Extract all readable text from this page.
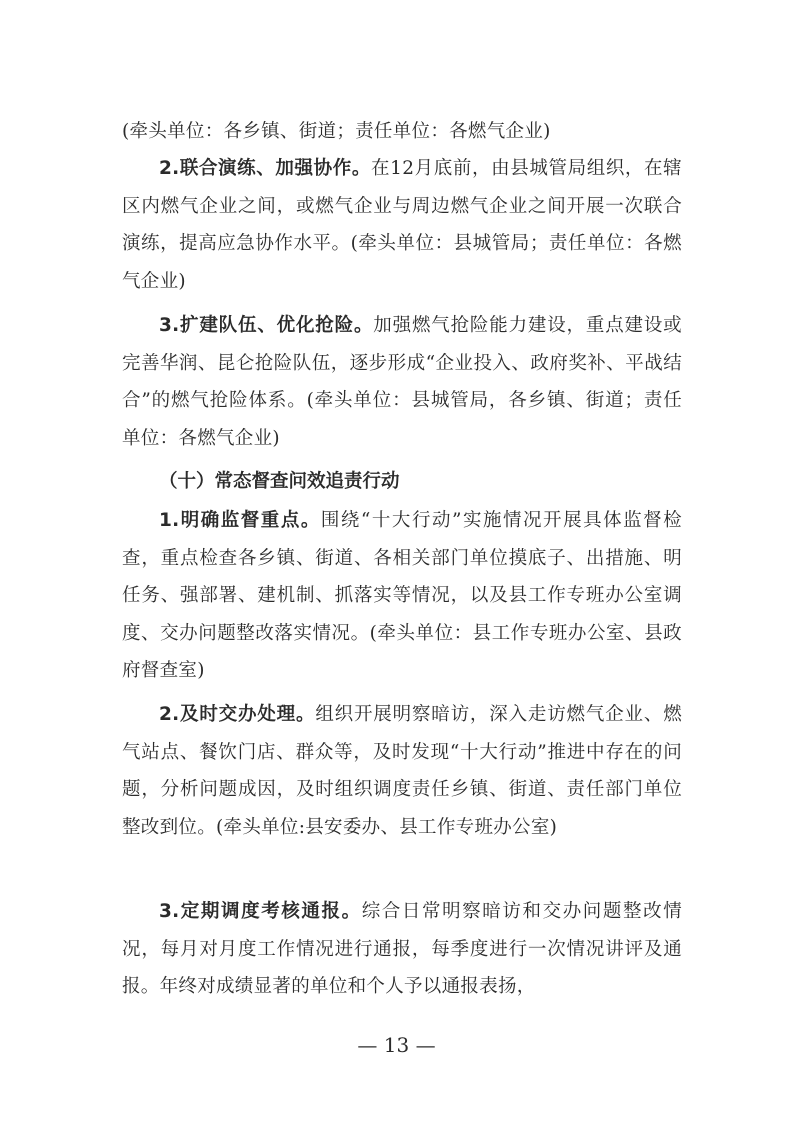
(牵头单位：各乡镇、街道；责任单位：各燃气企业)

2.联合演练、加强协作。在12月底前，由县城管局组织，在辖区内燃气企业之间，或燃气企业与周边燃气企业之间开展一次联合演练，提高应急协作水平。(牵头单位：县城管局；责任单位：各燃气企业)

3.扩建队伍、优化抢险。加强燃气抢险能力建设，重点建设或完善华润、昆仑抢险队伍，逐步形成“企业投入、政府奖补、平战结合”的燃气抢险体系。(牵头单位：县城管局，各乡镇、街道；责任单位：各燃气企业)

（十）常态督查问效追责行动

1.明确监督重点。围绕“十大行动”实施情况开展具体监督检查，重点检查各乡镇、街道、各相关部门单位摸底子、出措施、明任务、强部署、建机制、抓落实等情况，以及县工作专班办公室调度、交办问题整改落实情况。(牵头单位：县工作专班办公室、县政府督查室)

2.及时交办处理。组织开展明察暗访，深入走访燃气企业、燃气站点、餐饮门店、群众等，及时发现“十大行动”推进中存在的问题，分析问题成因，及时组织调度责任乡镇、街道、责任部门单位整改到位。(牵头单位:县安委办、县工作专班办公室)

3.定期调度考核通报。综合日常明察暗访和交办问题整改情况，每月对月度工作情况进行通报，每季度进行一次情况讲评及通报。年终对成绩显著的单位和个人予以通报表扬，

— 13 —
